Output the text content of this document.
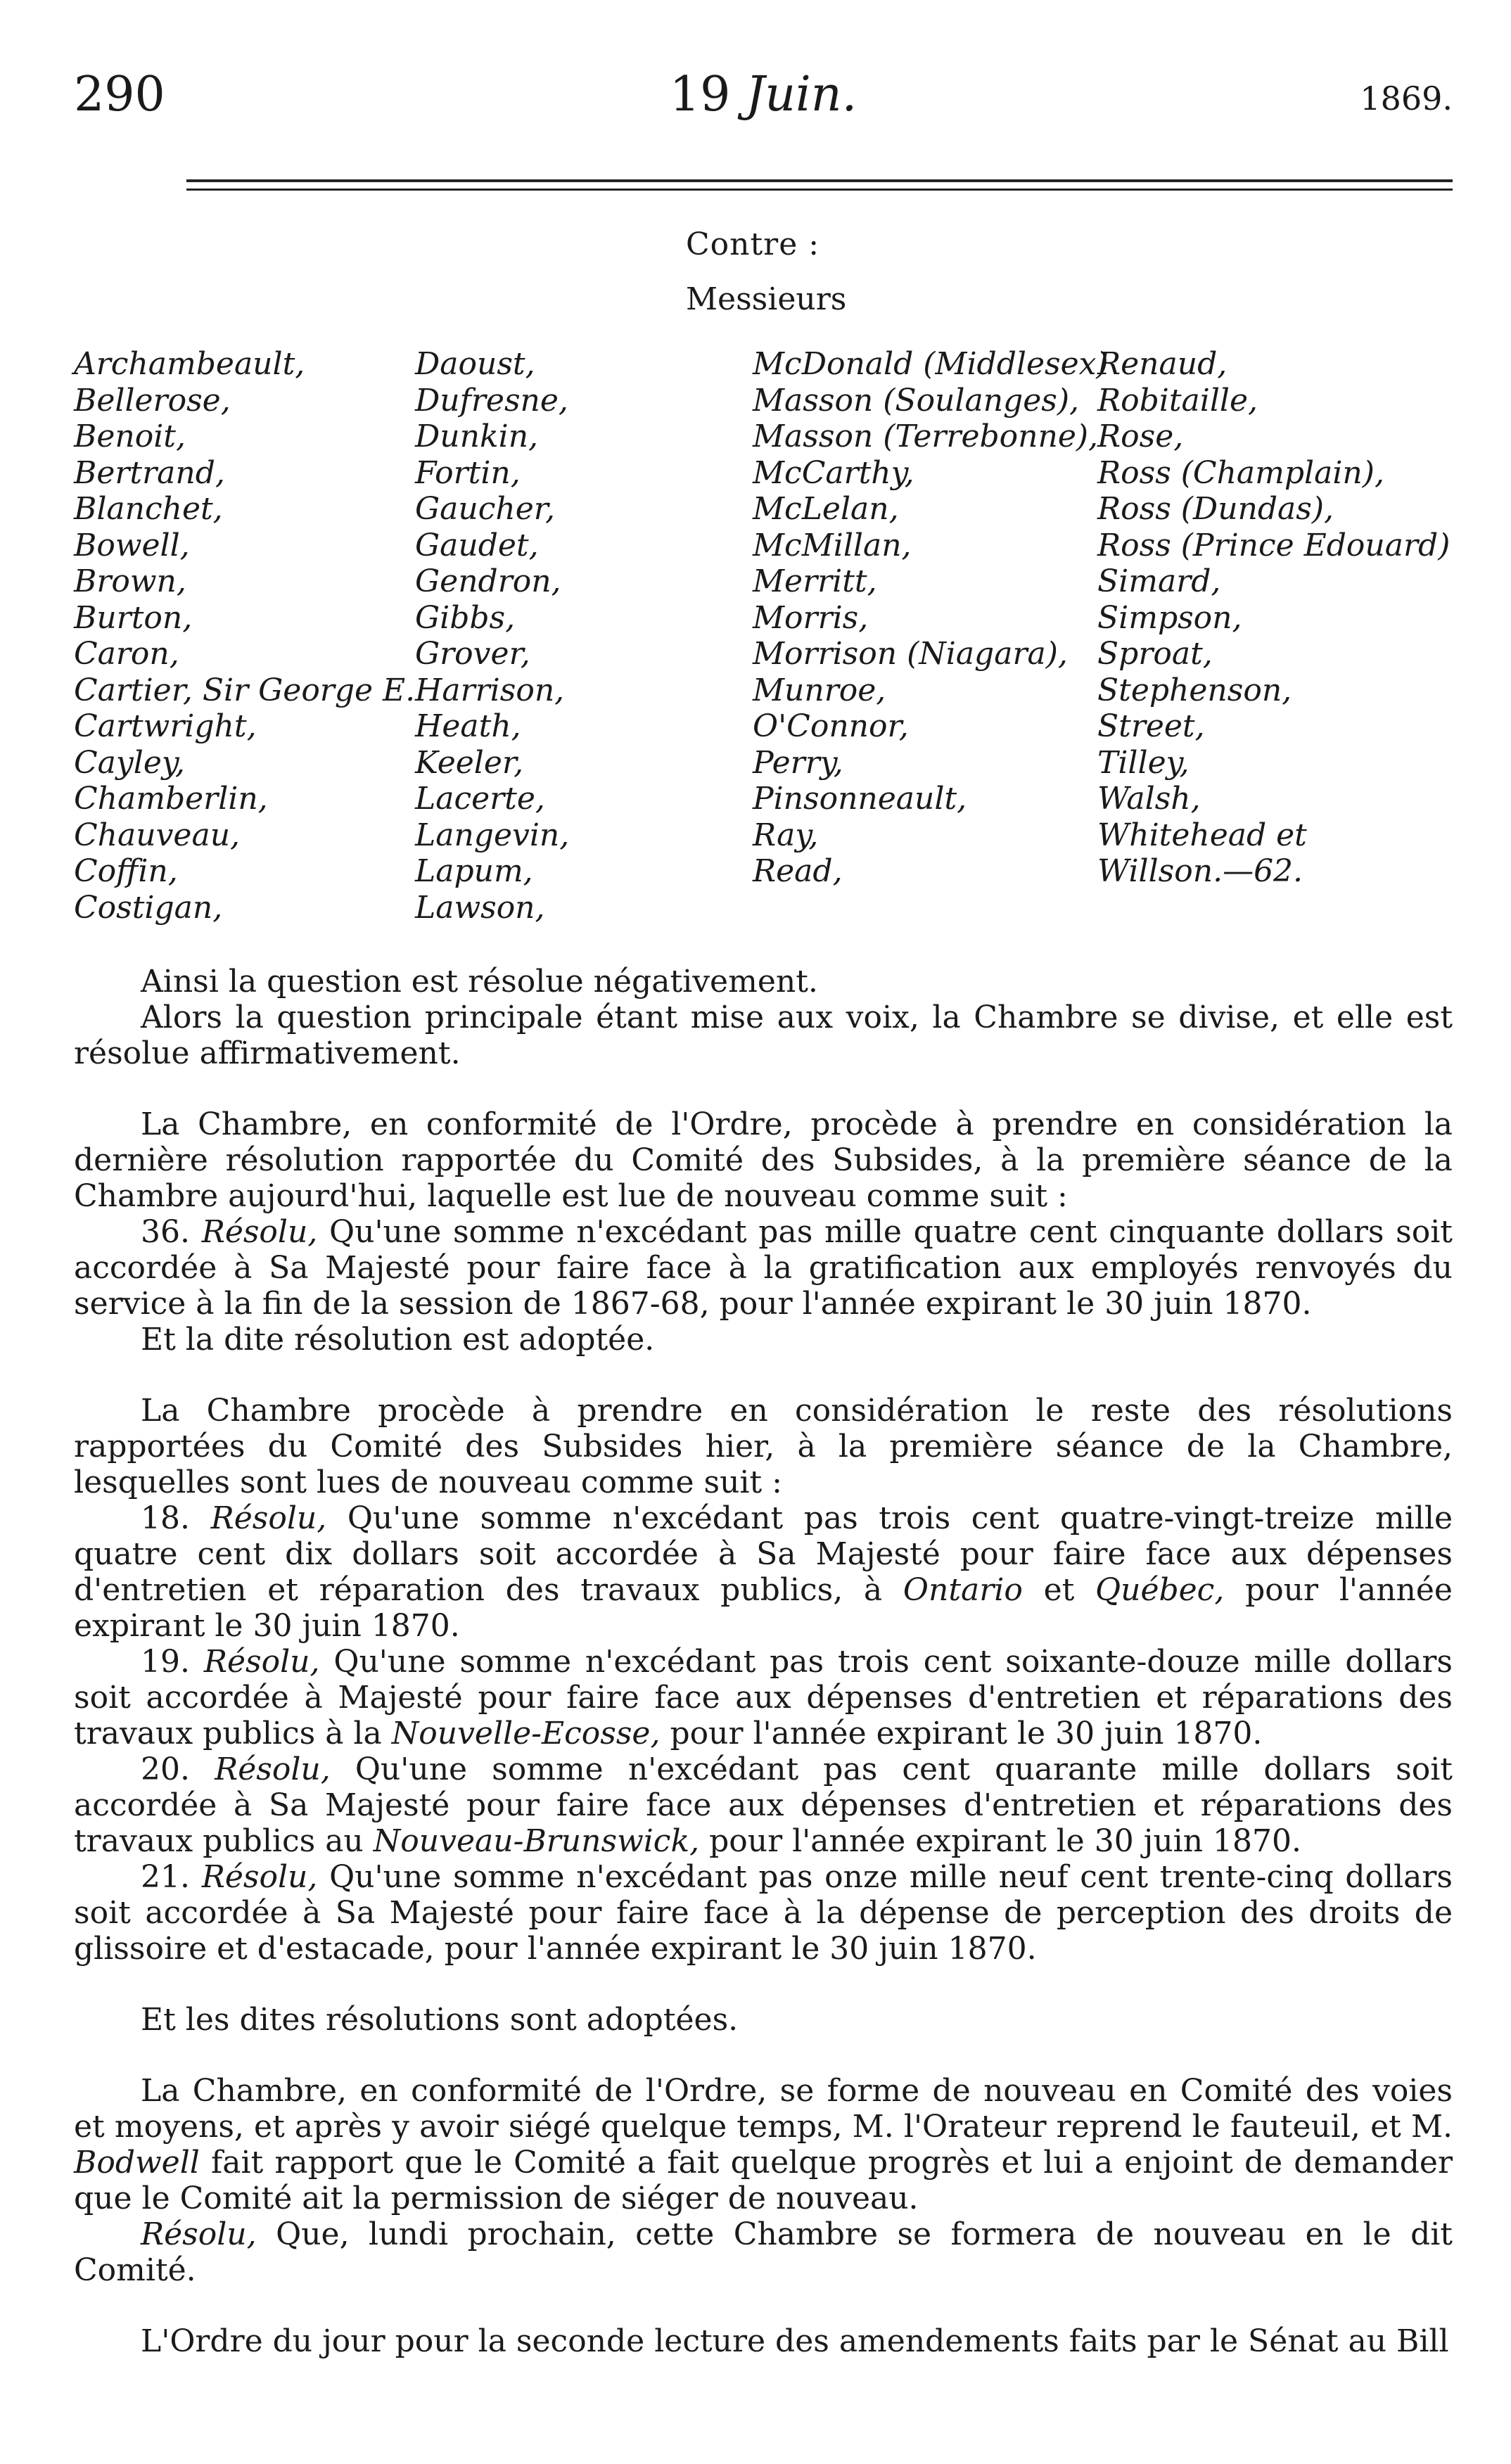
290	19 Juin.	1869.
Contre :
Messieurs
Archambeault,
Bellerose,
Benoit,
Bertrand,
Blanchet,
Bowell,
Brown,
Burton,
Caron,
Cartier, Sir George E.
Cartwright,
Cayley,
Chamberlin,
Chauveau,
Coffin,
Costigan,
Daoust,
Dufresne,
Dunkin,
Fortin,
Gaucher,
Gaudet,
Gendron,
Gibbs,
Grover,
Harrison,
Heath,
Keeler,
Lacerte,
Langevin,
Lapum,
Lawson,
McDonald (Middlesex)
Masson (Soulanges),
Masson (Terrebonne),
McCarthy,
McLelan,
McMillan,
Merritt,
Morris,
Morrison (Niagara),
Munroe,
O'Connor,
Perry,
Pinsonneault,
Ray,
Read,
Renaud,
Robitaille,
Rose,
Ross (Champlain),
Ross (Dundas),
Ross (Prince Edouard)
Simard,
Simpson,
Sproat,
Stephenson,
Street,
Tilley,
Walsh,
Whitehead et
Willson.—62.

Ainsi la question est résolue négativement.

Alors la question principale étant mise aux voix, la Chambre se divise, et elle est résolue affirmativement.

La Chambre, en conformité de l'Ordre, procède à prendre en considération la dernière résolution rapportée du Comité des Subsides, à la première séance de la Chambre aujourd'hui, laquelle est lue de nouveau comme suit :

36. Résolu, Qu'une somme n'excédant pas mille quatre cent cinquante dollars soit accordée à Sa Majesté pour faire face à la gratification aux employés renvoyés du service à la fin de la session de 1867-68, pour l'année expirant le 30 juin 1870.

Et la dite résolution est adoptée.

La Chambre procède à prendre en considération le reste des résolutions rapportées du Comité des Subsides hier, à la première séance de la Chambre, lesquelles sont lues de nouveau comme suit :

18. Résolu, Qu'une somme n'excédant pas trois cent quatre-vingt-treize mille quatre cent dix dollars soit accordée à Sa Majesté pour faire face aux dépenses d'entretien et réparation des travaux publics, à Ontario et Québec, pour l'année expirant le 30 juin 1870.

19. Résolu, Qu'une somme n'excédant pas trois cent soixante-douze mille dollars soit accordée à Majesté pour faire face aux dépenses d'entretien et réparations des travaux publics à la Nouvelle-Ecosse, pour l'année expirant le 30 juin 1870.

20. Résolu, Qu'une somme n'excédant pas cent quarante mille dollars soit accordée à Sa Majesté pour faire face aux dépenses d'entretien et réparations des travaux publics au Nouveau-Brunswick, pour l'année expirant le 30 juin 1870.

21. Résolu, Qu'une somme n'excédant pas onze mille neuf cent trente-cinq dollars soit accordée à Sa Majesté pour faire face à la dépense de perception des droits de glissoire et d'estacade, pour l'année expirant le 30 juin 1870.

Et les dites résolutions sont adoptées.

La Chambre, en conformité de l'Ordre, se forme de nouveau en Comité des voies et moyens, et après y avoir siégé quelque temps, M. l'Orateur reprend le fauteuil, et M. Bodwell fait rapport que le Comité a fait quelque progrès et lui a enjoint de demander que le Comité ait la permission de siéger de nouveau.

Résolu, Que, lundi prochain, cette Chambre se formera de nouveau en le dit Comité.

L'Ordre du jour pour la seconde lecture des amendements faits par le Sénat au Bill
